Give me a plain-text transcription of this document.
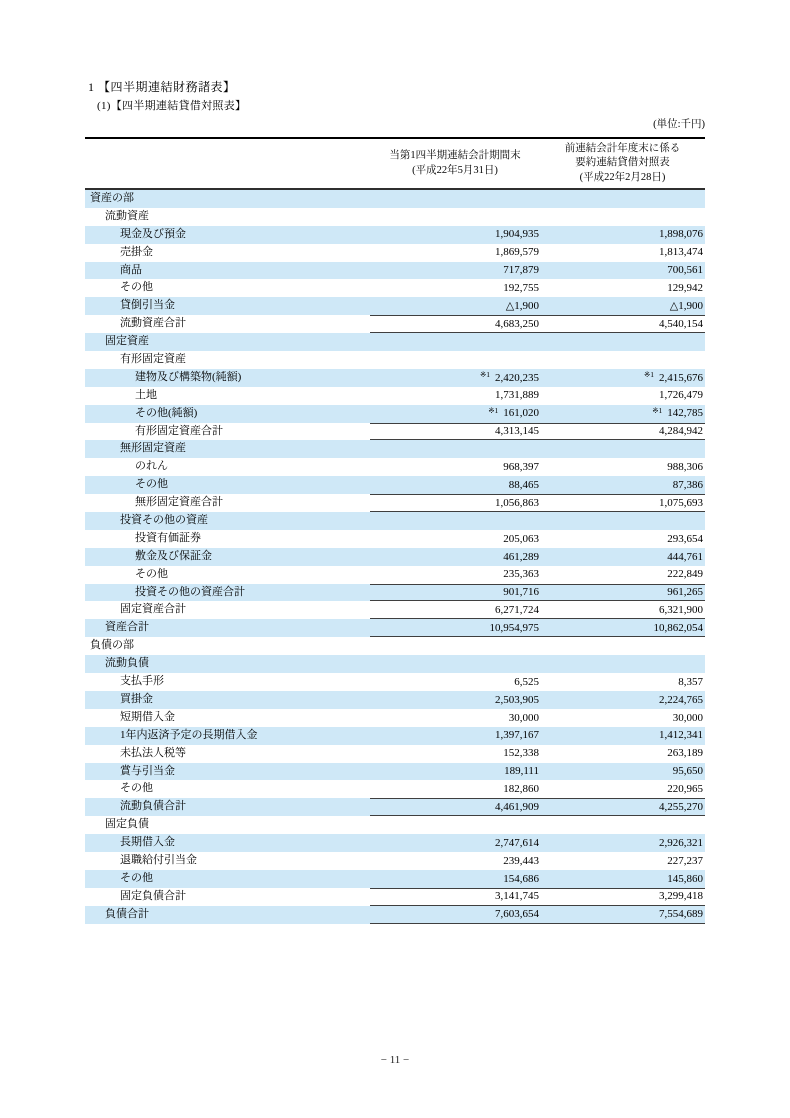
1 【四半期連結財務諸表】
(1)【四半期連結貸借対照表】
(単位:千円)
当第1四半期連結会計期間末
(平成22年5月31日)
前連結会計年度末に係る
要約連結貸借対照表
(平成22年2月28日)
資産の部
流動資産
現金及び預金	1,904,935	1,898,076
売掛金	1,869,579	1,813,474
商品	717,879	700,561
その他	192,755	129,942
貸倒引当金	△1,900	△1,900
流動資産合計	4,683,250	4,540,154
固定資産
有形固定資産
建物及び構築物(純額)	※1 2,420,235	※1 2,415,676
土地	1,731,889	1,726,479
その他(純額)	※1 161,020	※1 142,785
有形固定資産合計	4,313,145	4,284,942
無形固定資産
のれん	968,397	988,306
その他	88,465	87,386
無形固定資産合計	1,056,863	1,075,693
投資その他の資産
投資有価証券	205,063	293,654
敷金及び保証金	461,289	444,761
その他	235,363	222,849
投資その他の資産合計	901,716	961,265
固定資産合計	6,271,724	6,321,900
資産合計	10,954,975	10,862,054
負債の部
流動負債
支払手形	6,525	8,357
買掛金	2,503,905	2,224,765
短期借入金	30,000	30,000
1年内返済予定の長期借入金	1,397,167	1,412,341
未払法人税等	152,338	263,189
賞与引当金	189,111	95,650
その他	182,860	220,965
流動負債合計	4,461,909	4,255,270
固定負債
長期借入金	2,747,614	2,926,321
退職給付引当金	239,443	227,237
その他	154,686	145,860
固定負債合計	3,141,745	3,299,418
負債合計	7,603,654	7,554,689
− 11 −
